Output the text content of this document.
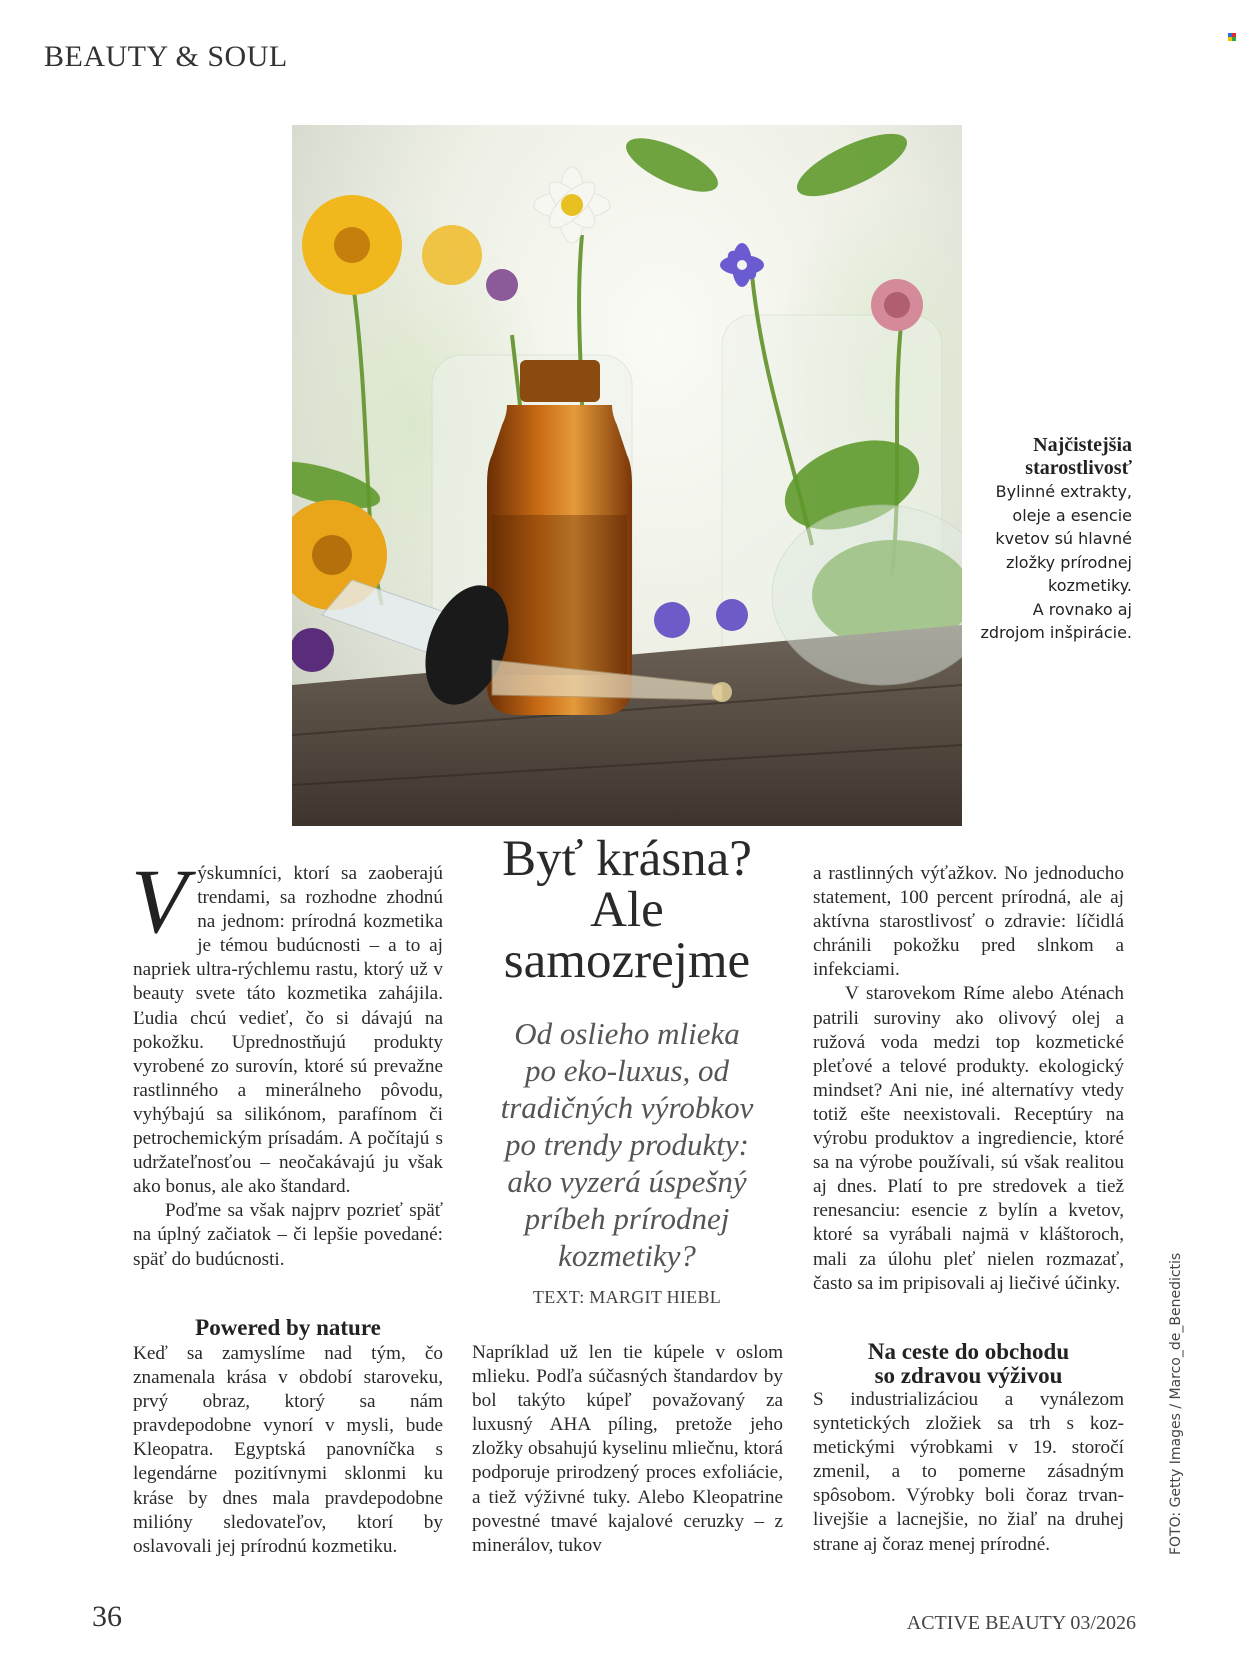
BEAUTY & SOUL
Najčistejšia
starostlivosť
Bylinné extrakty,
oleje a esencie
kvetov sú hlavné
zložky prírodnej
kozmetiky.
A rovnako aj
zdrojom inšpirácie.
V ýskumníci, ktorí sa zaoberajú trendami, sa rozhodne zhodnú na jednom: prírodná kozmetika je témou budúcnosti – a to aj napriek ultra-rýchlemu rastu, ktorý už v beauty svete táto kozmetika zahájila. Ľudia chcú vedieť, čo si dávajú na pokožku. Uprednostňujú produkty vyrobené zo surovín, ktoré sú prevažne rastlinného a minerálneho pôvodu, vyhýbajú sa silikónom, parafínom či petrochemickým prísadám. A počítajú s udržateľnosťou – neočakávajú ju však ako bonus, ale ako štandard.

Poďme sa však najprv pozrieť späť na úplný začiatok – či lepšie povedané: späť do budúcnosti.

Powered by nature

Keď sa zamyslíme nad tým, čo znamenala krása v období staroveku, prvý obraz, ktorý sa nám pravdepodobne vynorí v mysli, bude Kleopatra. Egyptská panovníčka s legendárne pozitívnymi sklonmi ku kráse by dnes mala pravdepodobne milióny sledovateľov, ktorí by oslavovali jej prírodnú kozmetiku.

Byť krásna?
Ale
samozrejme
Od oslieho mlieka
po eko-luxus, od
tradičných výrobkov
po trendy produkty:
ako vyzerá úspešný
príbeh prírodnej
kozmetiky?
TEXT: MARGIT HIEBL

Napríklad už len tie kúpele v oslom mlieku. Podľa súčasných štandardov by bol takýto kúpeľ považovaný za luxusný AHA píling, pretože jeho zložky obsahujú kyselinu mliečnu, ktorá podporuje prirodzený proces exfoliácie, a tiež výživné tuky. Alebo Kleopatrine povestné tmavé kajalové ceruzky – z minerálov, tukov

a rastlinných výťažkov. No jednoducho statement, 100 percent prírodná, ale aj aktívna starostlivosť o zdravie: líčidlá chránili pokožku pred slnkom a infekciami.

V starovekom Ríme alebo Aténach patrili suroviny ako olivový olej a ružová voda medzi top kozmetické pleťové a telové produkty. ekologický mindset? Ani nie, iné alternatívy vtedy totiž ešte neexistovali. Receptúry na výrobu produktov a ingrediencie, ktoré sa na výrobe používali, sú však realitou aj dnes. Platí to pre stredovek a tiež renesanciu: esencie z bylín a kvetov, ktoré sa vyrábali najmä v kláštoroch, mali za úlohu pleť nielen rozmazať, často sa im pripisovali aj liečivé účinky.

Na ceste do obchodu
so zdravou výživou

S industrializáciou a vynálezom syntetických zložiek sa trh s kozmetickými výrobkami v 19. storočí zmenil, a to pomerne zásadným spôsobom. Výrobky boli čoraz trvanlivejšie a lacnejšie, no žiaľ na druhej strane aj čoraz menej prírodné.	FOTO: Getty Images / Marco_de_Benedictis
36	ACTIVE BEAUTY 03/2026
